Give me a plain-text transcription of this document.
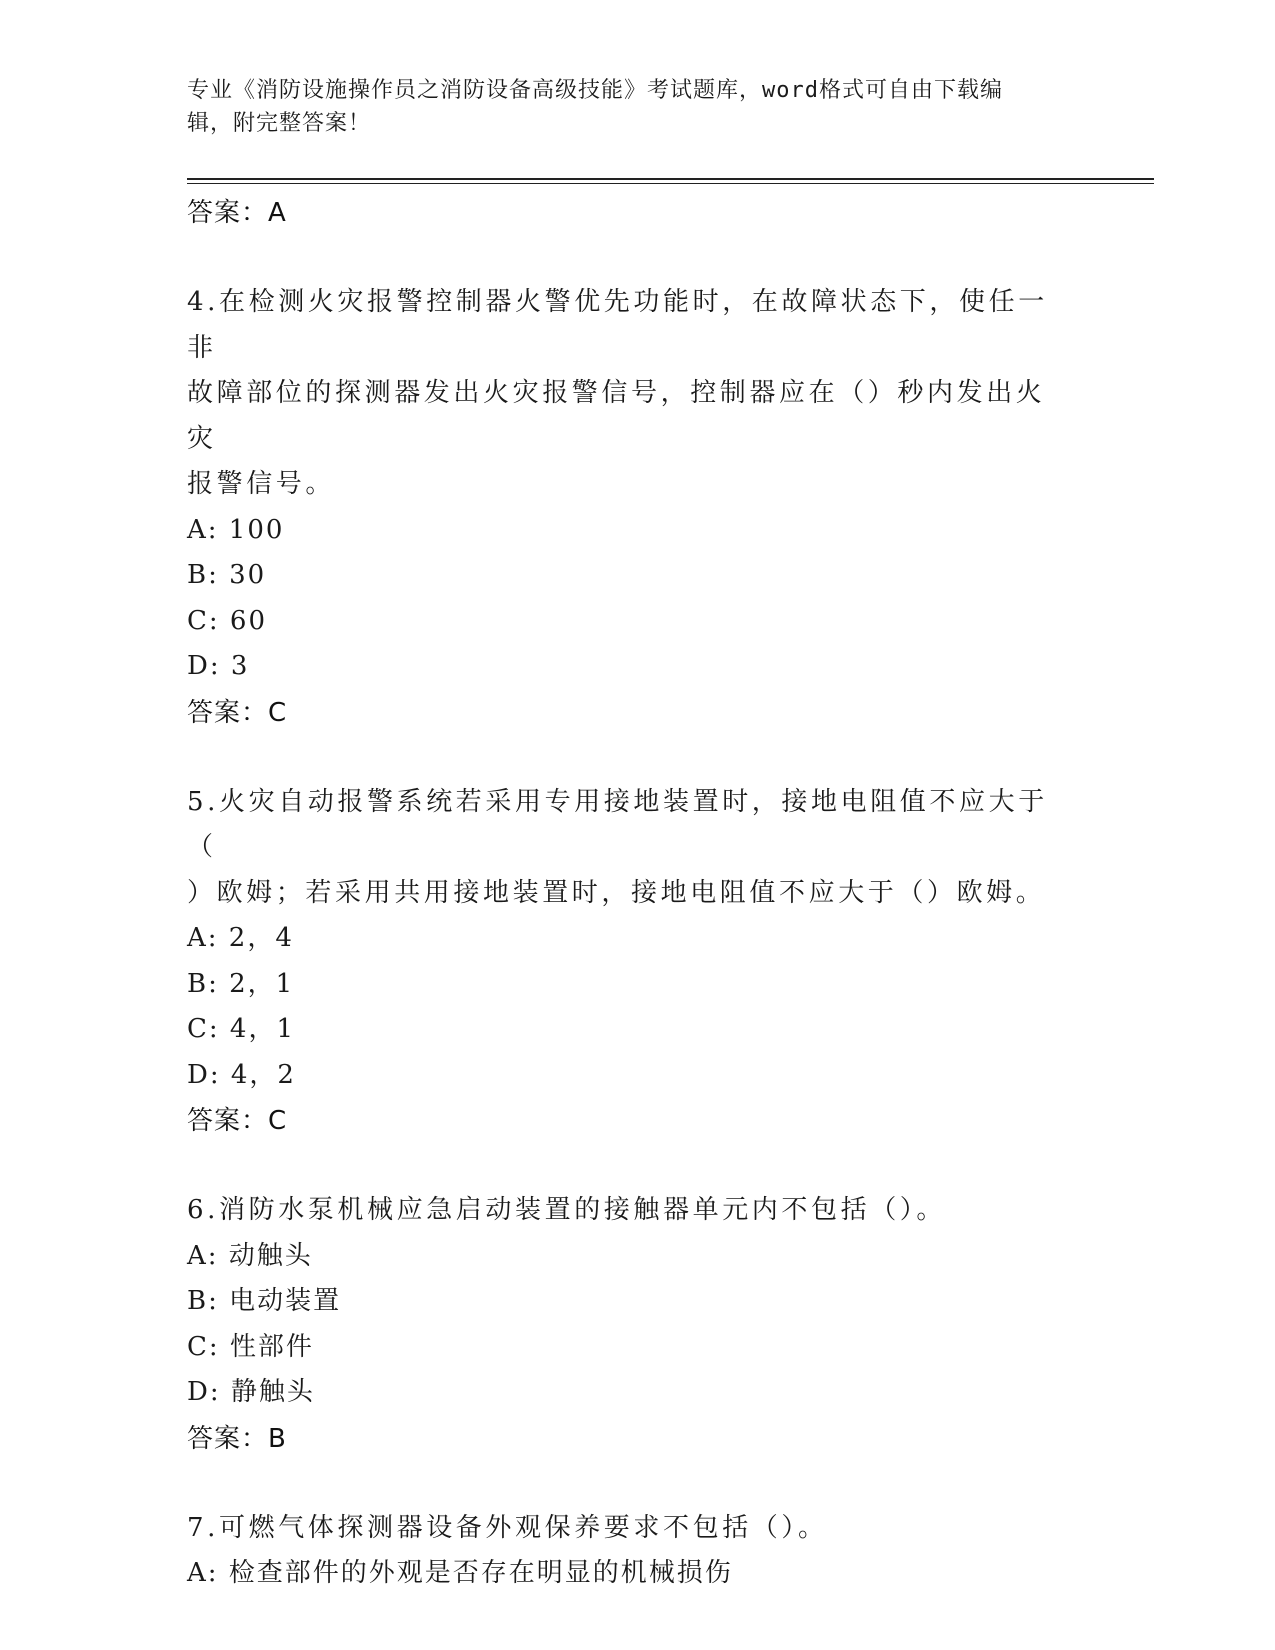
专业《消防设施操作员之消防设备高级技能》考试题库，word格式可自由下载编
辑，附完整答案！
答案：A
4.在检测火灾报警控制器火警优先功能时，在故障状态下，使任一非
故障部位的探测器发出火灾报警信号，控制器应在（）秒内发出火灾
报警信号。
A: 100
B: 30
C: 60
D: 3
答案：C
5.火灾自动报警系统若采用专用接地装置时，接地电阻值不应大于（
）欧姆；若采用共用接地装置时，接地电阻值不应大于（）欧姆。
A: 2，4
B: 2，1
C: 4，1
D: 4，2
答案：C
6.消防水泵机械应急启动装置的接触器单元内不包括（）。
A: 动触头
B: 电动装置
C: 性部件
D: 静触头
答案：B
7.可燃气体探测器设备外观保养要求不包括（）。
A: 检查部件的外观是否存在明显的机械损伤
